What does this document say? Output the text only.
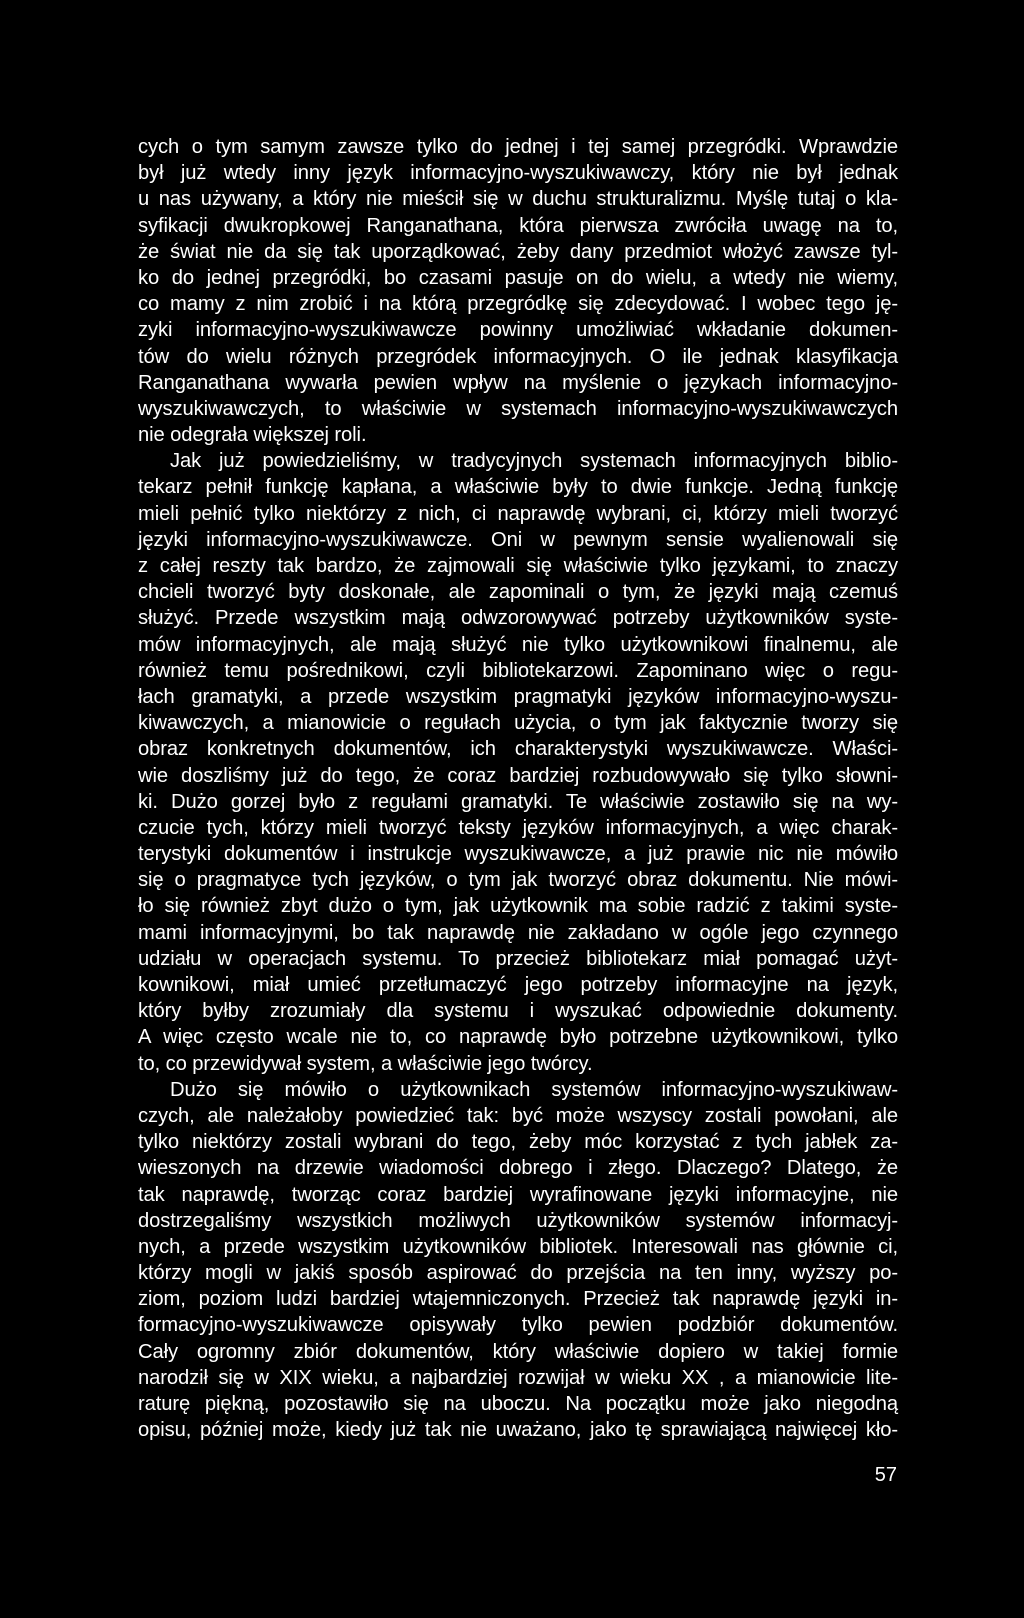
cych o tym samym zawsze tylko do jednej i tej samej przegródki. Wprawdzie
był już wtedy inny język informacyjno-wyszukiwawczy, który nie był jednak
u nas używany, a który nie mieścił się w duchu strukturalizmu. Myślę tutaj o kla-
syfikacji dwukropkowej Ranganathana, która pierwsza zwróciła uwagę na to,
że świat nie da się tak uporządkować, żeby dany przedmiot włożyć zawsze tyl-
ko do jednej przegródki, bo czasami pasuje on do wielu, a wtedy nie wiemy,
co mamy z nim zrobić i na którą przegródkę się zdecydować. I wobec tego ję-
zyki informacyjno-wyszukiwawcze powinny umożliwiać wkładanie dokumen-
tów do wielu różnych przegródek informacyjnych. O ile jednak klasyfikacja
Ranganathana wywarła pewien wpływ na myślenie o językach informacyjno-
wyszukiwawczych, to właściwie w systemach informacyjno-wyszukiwawczych
nie odegrała większej roli.
Jak już powiedzieliśmy, w tradycyjnych systemach informacyjnych biblio-
tekarz pełnił funkcję kapłana, a właściwie były to dwie funkcje. Jedną funkcję
mieli pełnić tylko niektórzy z nich, ci naprawdę wybrani, ci, którzy mieli tworzyć
języki informacyjno-wyszukiwawcze. Oni w pewnym sensie wyalienowali się
z całej reszty tak bardzo, że zajmowali się właściwie tylko językami, to znaczy
chcieli tworzyć byty doskonałe, ale zapominali o tym, że języki mają czemuś
służyć. Przede wszystkim mają odwzorowywać potrzeby użytkowników syste-
mów informacyjnych, ale mają służyć nie tylko użytkownikowi finalnemu, ale
również temu pośrednikowi, czyli bibliotekarzowi. Zapominano więc o regu-
łach gramatyki, a przede wszystkim pragmatyki języków informacyjno-wyszu-
kiwawczych, a mianowicie o regułach użycia, o tym jak faktycznie tworzy się
obraz konkretnych dokumentów, ich charakterystyki wyszukiwawcze. Właści-
wie doszliśmy już do tego, że coraz bardziej rozbudowywało się tylko słowni-
ki. Dużo gorzej było z regułami gramatyki. Te właściwie zostawiło się na wy-
czucie tych, którzy mieli tworzyć teksty języków informacyjnych, a więc charak-
terystyki dokumentów i instrukcje wyszukiwawcze, a już prawie nic nie mówiło
się o pragmatyce tych języków, o tym jak tworzyć obraz dokumentu. Nie mówi-
ło się również zbyt dużo o tym, jak użytkownik ma sobie radzić z takimi syste-
mami informacyjnymi, bo tak naprawdę nie zakładano w ogóle jego czynnego
udziału w operacjach systemu. To przecież bibliotekarz miał pomagać użyt-
kownikowi, miał umieć przetłumaczyć jego potrzeby informacyjne na język,
który byłby zrozumiały dla systemu i wyszukać odpowiednie dokumenty.
A więc często wcale nie to, co naprawdę było potrzebne użytkownikowi, tylko
to, co przewidywał system, a właściwie jego twórcy.
Dużo się mówiło o użytkownikach systemów informacyjno-wyszukiwaw-
czych, ale należałoby powiedzieć tak: być może wszyscy zostali powołani, ale
tylko niektórzy zostali wybrani do tego, żeby móc korzystać z tych jabłek za-
wieszonych na drzewie wiadomości dobrego i złego. Dlaczego? Dlatego, że
tak naprawdę, tworząc coraz bardziej wyrafinowane języki informacyjne, nie
dostrzegaliśmy wszystkich możliwych użytkowników systemów informacyj-
nych, a przede wszystkim użytkowników bibliotek. Interesowali nas głównie ci,
którzy mogli w jakiś sposób aspirować do przejścia na ten inny, wyższy po-
ziom, poziom ludzi bardziej wtajemniczonych. Przecież tak naprawdę języki in-
formacyjno-wyszukiwawcze opisywały tylko pewien podzbiór dokumentów.
Cały ogromny zbiór dokumentów, który właściwie dopiero w takiej formie
narodził się w XIX wieku, a najbardziej rozwijał w wieku XX , a mianowicie lite-
raturę piękną, pozostawiło się na uboczu. Na początku może jako niegodną
opisu, później może, kiedy już tak nie uważano, jako tę sprawiającą najwięcej kło-
57
